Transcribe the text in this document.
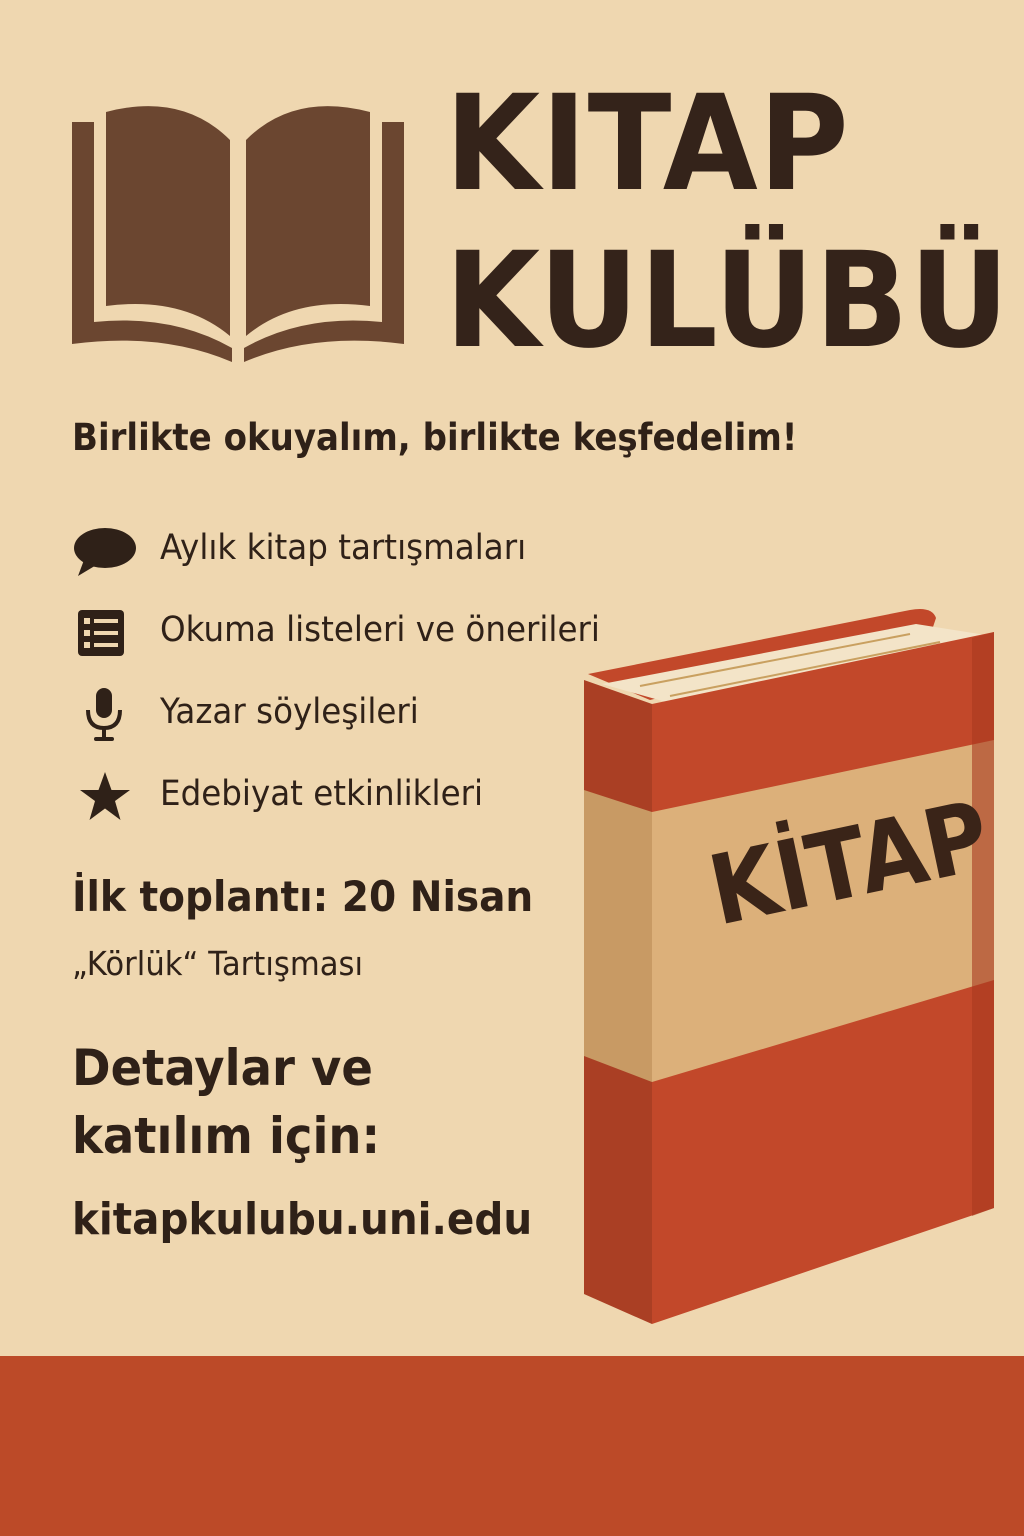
KITAP
KULÜBÜ

Birlikte okuyalım, birlikte keşfedelim!

Aylık kitap tartışmaları
Okuma listeleri ve önerileri
Yazar söyleşileri
Edebiyat etkinlikleri

İlk toplantı: 20 Nisan

„Körlük“ Tartışması

Detaylar ve
katılım için:

kitapkulubu.uni.edu

KİTAP
